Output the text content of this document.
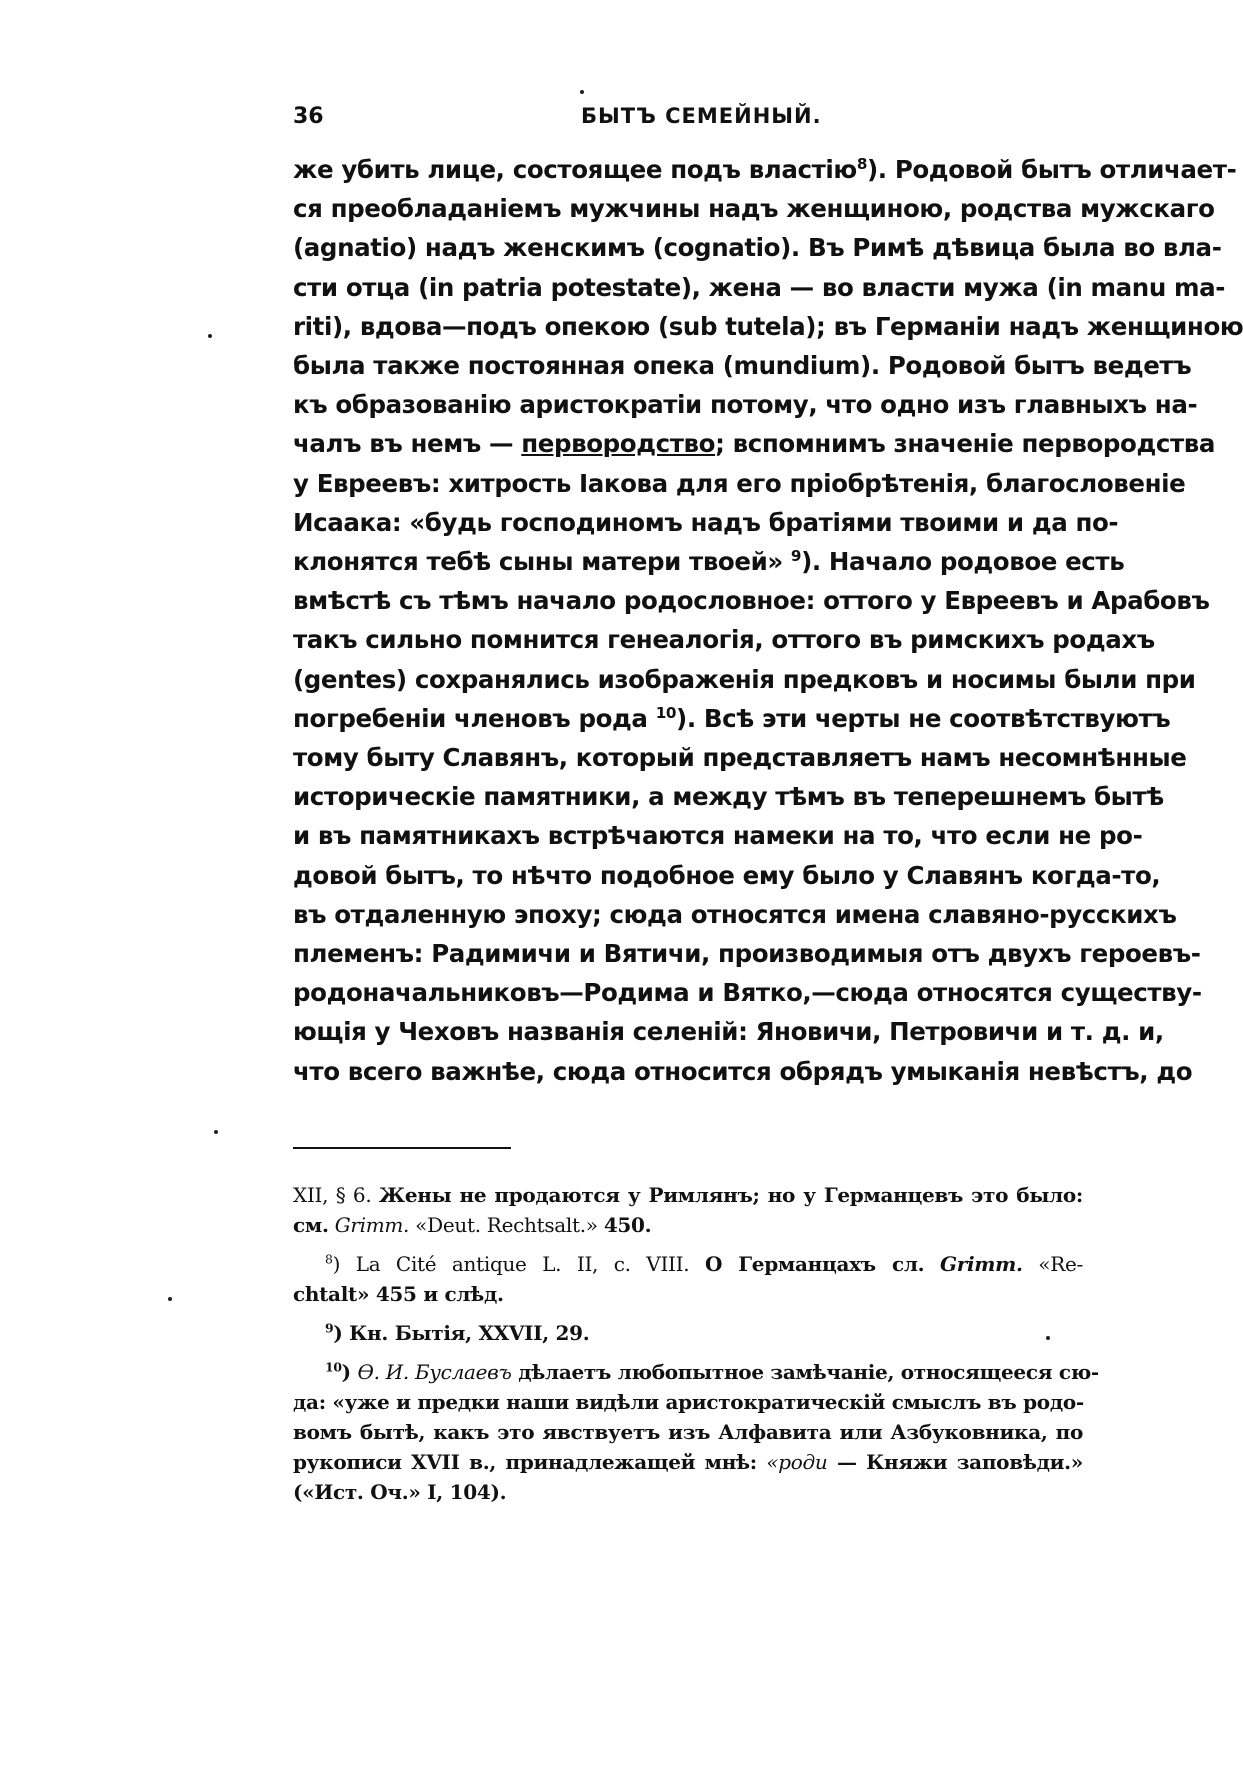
36	БЫТЪ СЕМЕЙНЫЙ.
же убить лице, состоящее подъ властію$^8$). Родовой бытъ отличает-
ся преобладаніемъ мужчины надъ женщиною, родства мужскаго
(agnatio) надъ женскимъ (cognatio). Въ Римѣ дѣвица была во вла-
сти отца (in patria potestate), жена — во власти мужа (in manu ma-
riti), вдова—подъ опекою (sub tutela); въ Германіи надъ женщиною
была также постоянная опека (mundium). Родовой бытъ ведетъ
къ образованію аристократіи потому, что одно изъ главныхъ на-
чалъ въ немъ — первородство; вспомнимъ значеніе первородства
у Евреевъ: хитрость Іакова для его пріобрѣтенія, благословеніе
Исаака: «будь господиномъ надъ братіями твоими и да по-
клонятся тебѣ сыны матери твоей» $^9$). Начало родовое есть
вмѣстѣ съ тѣмъ начало родословное: оттого у Евреевъ и Арабовъ
такъ сильно помнится генеалогія, оттого въ римскихъ родахъ
(gentes) сохранялись изображенія предковъ и носимы были при
погребеніи членовъ рода $^{10}$). Всѣ эти черты не соотвѣтствуютъ
тому быту Славянъ, который представляетъ намъ несомнѣнные
историческіе памятники, а между тѣмъ въ теперешнемъ бытѣ
и въ памятникахъ встрѣчаются намеки на то, что если не ро-
довой бытъ, то нѣчто подобное ему было у Славянъ когда-то,
въ отдаленную эпоху; сюда относятся имена славяно-русскихъ
племенъ: Радимичи и Вятичи, производимыя отъ двухъ героевъ-
родоначальниковъ—Родима и Вятко,—сюда относятся существу-
ющія у Чеховъ названія селеній: Яновичи, Петровичи и т. д. и,
что всего важнѣе, сюда относится обрядъ умыканія невѣстъ, до
XII, § 6. Жены не продаются у Римлянъ; но у Германцевъ это было:
см. Grimm. «Deut. Rechtsalt.» 450.
$^8$) La Cité antique L. II, c. VIII. О Германцахъ сл. Grimm. «Re-
chtalt» 455 и слѣд.
$^9$) Кн. Бытія, XXVII, 29.
$^{10}$) Ѳ. И. Буслаевъ дѣлаетъ любопытное замѣчаніе, относящееся сю-
да: «уже и предки наши видѣли аристократическій смыслъ въ родо-
вомъ бытѣ, какъ это явствуетъ изъ Алфавита или Азбуковника, по
рукописи XVII в., принадлежащей мнѣ: «роди — Княжи заповѣди.»
(«Ист. Оч.» I, 104).
